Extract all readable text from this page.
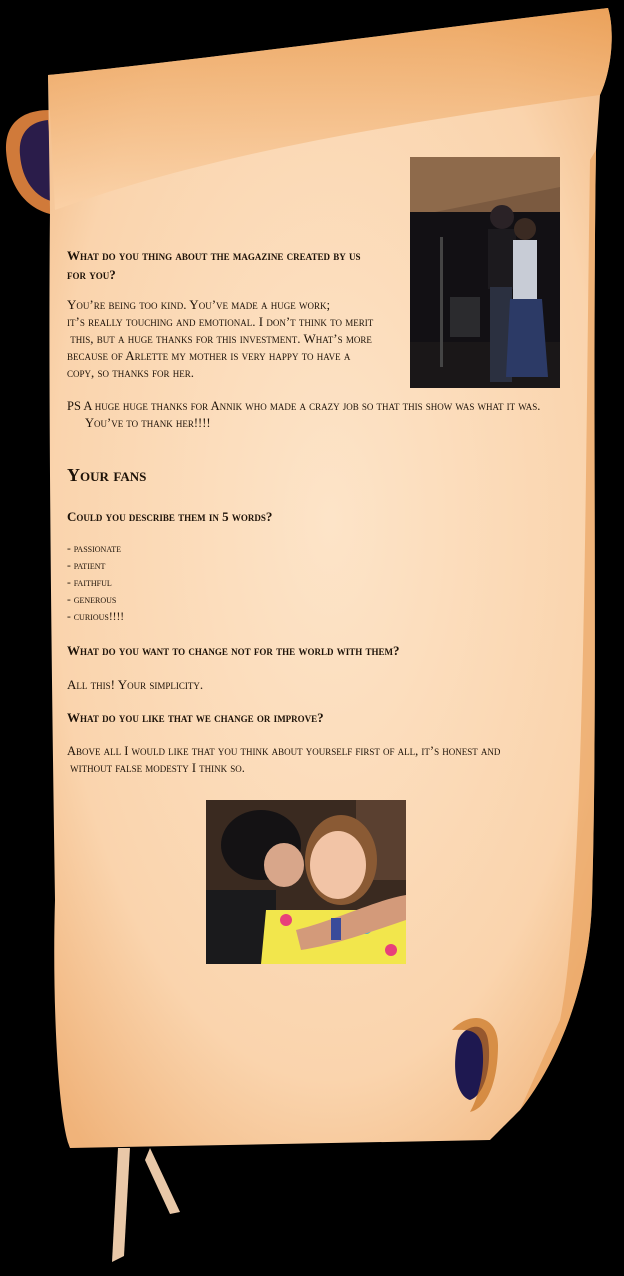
What do you thing about the magazine created by us
for you?
You’re being too kind. You’ve made a huge work;
it’s really touching and emotional. I don’t think to merit
this, but a huge thanks for this investment. What’s more
because of Arlette my mother is very happy to have a
copy, so thanks for her.
PS A huge huge thanks for Annik who made a crazy job so that this show was what it was.
You’ve to thank her!!!!
Your fans
Could you describe them in 5 words?
- passionate
- patient
- faithful
- generous
- curious!!!!
What do you want to change not for the world with them?
All this! Your simplicity.
What do you like that we change or improve?
Above all I would like that you think about yourself first of all, it’s honest and
without false modesty I think so.
